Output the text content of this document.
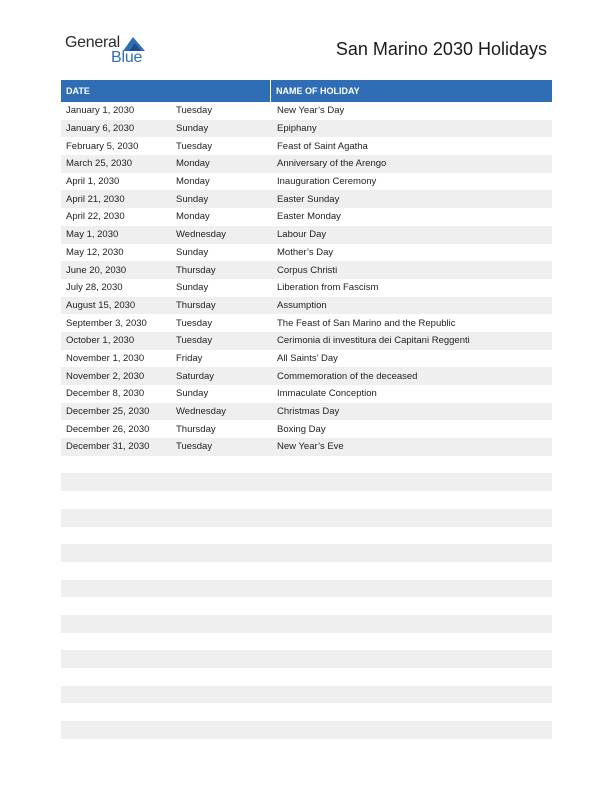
General
Blue	San Marino 2030 Holidays
DATE	NAME OF HOLIDAY
January 1, 2030	Tuesday	New Year’s Day
January 6, 2030	Sunday	Epiphany
February 5, 2030	Tuesday	Feast of Saint Agatha
March 25, 2030	Monday	Anniversary of the Arengo
April 1, 2030	Monday	Inauguration Ceremony
April 21, 2030	Sunday	Easter Sunday
April 22, 2030	Monday	Easter Monday
May 1, 2030	Wednesday	Labour Day
May 12, 2030	Sunday	Mother’s Day
June 20, 2030	Thursday	Corpus Christi
July 28, 2030	Sunday	Liberation from Fascism
August 15, 2030	Thursday	Assumption
September 3, 2030	Tuesday	The Feast of San Marino and the Republic
October 1, 2030	Tuesday	Cerimonia di investitura dei Capitani Reggenti
November 1, 2030	Friday	All Saints’ Day
November 2, 2030	Saturday	Commemoration of the deceased
December 8, 2030	Sunday	Immaculate Conception
December 25, 2030	Wednesday	Christmas Day
December 26, 2030	Thursday	Boxing Day
December 31, 2030	Tuesday	New Year’s Eve
